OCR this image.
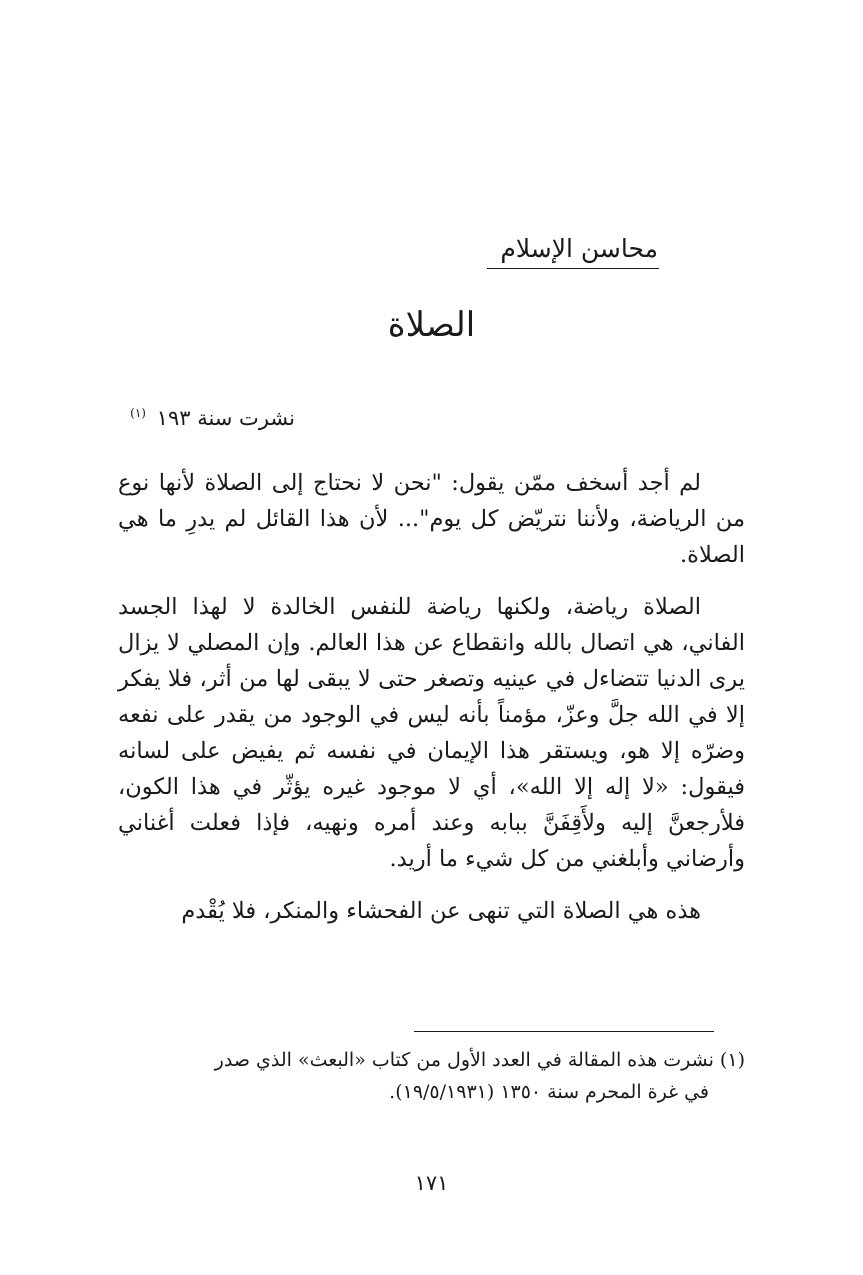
محاسن الإسلام
الصلاة
نشرت سنة ١٩٣ $^{(١)}$

لم أجد أسخف ممّن يقول: "نحن لا نحتاج إلى الصلاة لأنها نوع من الرياضة، ولأننا نتريّض كل يوم"... لأن هذا القائل لم يدرِ ما هي الصلاة.

الصلاة رياضة، ولكنها رياضة للنفس الخالدة لا لهذا الجسد الفاني، هي اتصال بالله وانقطاع عن هذا العالم. وإن المصلي لا يزال يرى الدنيا تتضاءل في عينيه وتصغر حتى لا يبقى لها من أثر، فلا يفكر إلا في الله جلَّ وعزّ، مؤمناً بأنه ليس في الوجود من يقدر على نفعه وضرّه إلا هو، ويستقر هذا الإيمان في نفسه ثم يفيض على لسانه فيقول: «لا إله إلا الله»، أي لا موجود غيره يؤثّر في هذا الكون، فلأرجعنَّ إليه ولأَقِفَنَّ ببابه وعند أمره ونهيه، فإذا فعلت أغناني وأرضاني وأبلغني من كل شيء ما أريد.

هذه هي الصلاة التي تنهى عن الفحشاء والمنكر، فلا يُقْدم

(١) نشرت هذه المقالة في العدد الأول من كتاب «البعث» الذي صدر
في غرة المحرم سنة ١٣٥٠ (١٩/٥/١٩٣١).
١٧١
